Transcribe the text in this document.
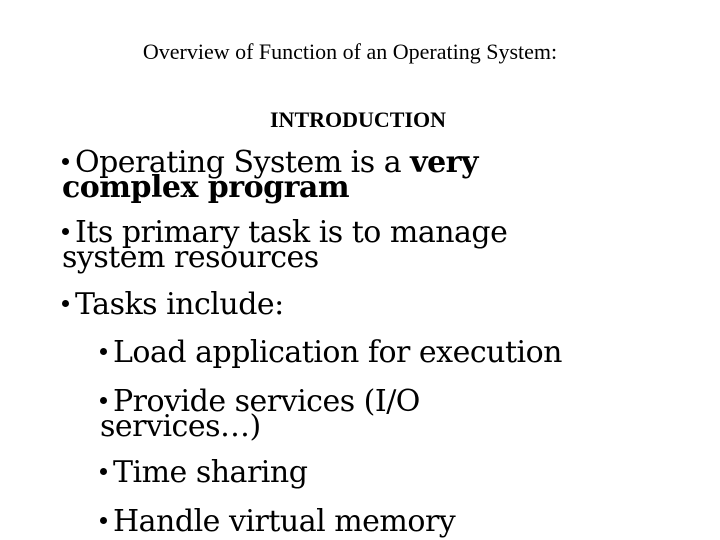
Overview of Function of an Operating System:
INTRODUCTION
Operating System is a very
complex program
Its primary task is to manage
system resources
Tasks include:
Load application for execution
Provide services (I/O
services…)
Time sharing
Handle virtual memory
